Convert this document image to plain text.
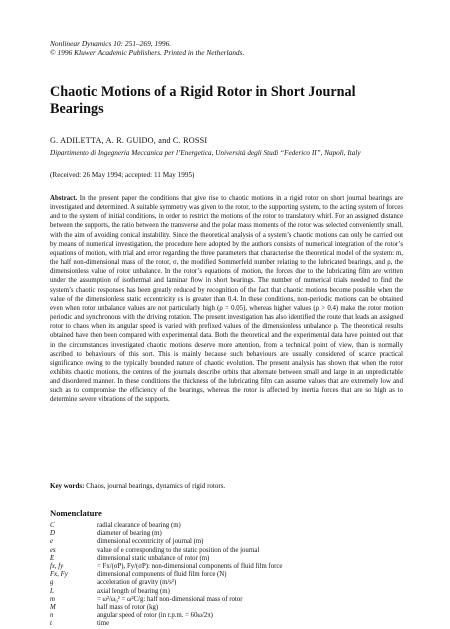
Nonlinear Dynamics 10: 251–269, 1996.
© 1996 Kluwer Academic Publishers. Printed in the Netherlands.
Chaotic Motions of a Rigid Rotor in Short Journal Bearings
G. ADILETTA, A. R. GUIDO, and C. ROSSI
Dipartimento di Ingegneria Meccanica per l’Energetica, Università degli Studi “Federico II”, Napoli, Italy
(Received: 26 May 1994; accepted: 11 May 1995)
Abstract. In the present paper the conditions that give rise to chaotic motions in a rigid rotor on short journal bearings are investigated and determined. A suitable symmetry was given to the rotor, to the supporting system, to the acting system of forces and to the system of initial conditions, in order to restrict the motions of the rotor to translatory whirl. For an assigned distance between the supports, the ratio between the transverse and the polar mass moments of the rotor was selected conveniently small, with the aim of avoiding conical instability. Since the theoretical analysis of a system’s chaotic motions can only be carried out by means of numerical investigation, the procedure here adopted by the authors consists of numerical integration of the rotor’s equations of motion, with trial and error regarding the three parameters that characterise the theoretical model of the system: m, the half non-dimensional mass of the rotor, σ, the modified Sommerfeld number relating to the lubricated bearings, and ρ, the dimensionless value of rotor unbalance. In the rotor’s equations of motion, the forces due to the lubricating film are written under the assumption of isothermal and laminar flow in short bearings. The number of numerical trials needed to find the system’s chaotic responses has been greatly reduced by recognition of the fact that chaotic motions become possible when the value of the dimensionless static eccentricity εs is greater than 0.4. In these conditions, non-periodic motions can be obtained even when rotor unbalance values are not particularly high (ρ = 0.05), whereas higher values (ρ > 0.4) make the rotor motion periodic and synchronous with the driving rotation. The present investigation has also identified the route that leads an assigned rotor to chaos when its angular speed is varied with prefixed values of the dimensionless unbalance ρ. The theoretical results obtained have then been compared with experimental data. Both the theoretical and the experimental data have pointed out that in the circumstances investigated chaotic motions deserve more attention, from a technical point of view, than is normally ascribed to behaviours of this sort. This is mainly because such behaviours are usually considered of scarce practical significance owing to the typically bounded nature of chaotic evolution. The present analysis has shown that when the rotor exhibits chaotic motions, the centres of the journals describe orbits that alternate between small and large in an unpredictable and disordered manner. In these conditions the thickness of the lubricating film can assume values that are extremely low and such as to compromise the efficiency of the bearings, whereas the rotor is affected by inertia forces that are so high as to determine severe vibrations of the supports.
Key words: Chaos, journal bearings, dynamics of rigid rotors.
Nomenclature
C	radial clearance of bearing (m)
D	diameter of bearing (m)
e	dimensional eccentricity of journal (m)
es	value of e corresponding to the static position of the journal
E	dimensional static unbalance of rotor (m)
fx, fy	= Fx/(σP), Fy/(σP): non-dimensional components of fluid film force
Fx, Fy	dimensional components of fluid film force (N)
g	acceleration of gravity (m/s²)
L	axial length of bearing (m)
m	= ω²/ω₀² = ω²C/g: half non-dimensional mass of rotor
M	half mass of rotor (kg)
n	angular speed of rotor (in r.p.m. = 60ω/2π)
t	time
